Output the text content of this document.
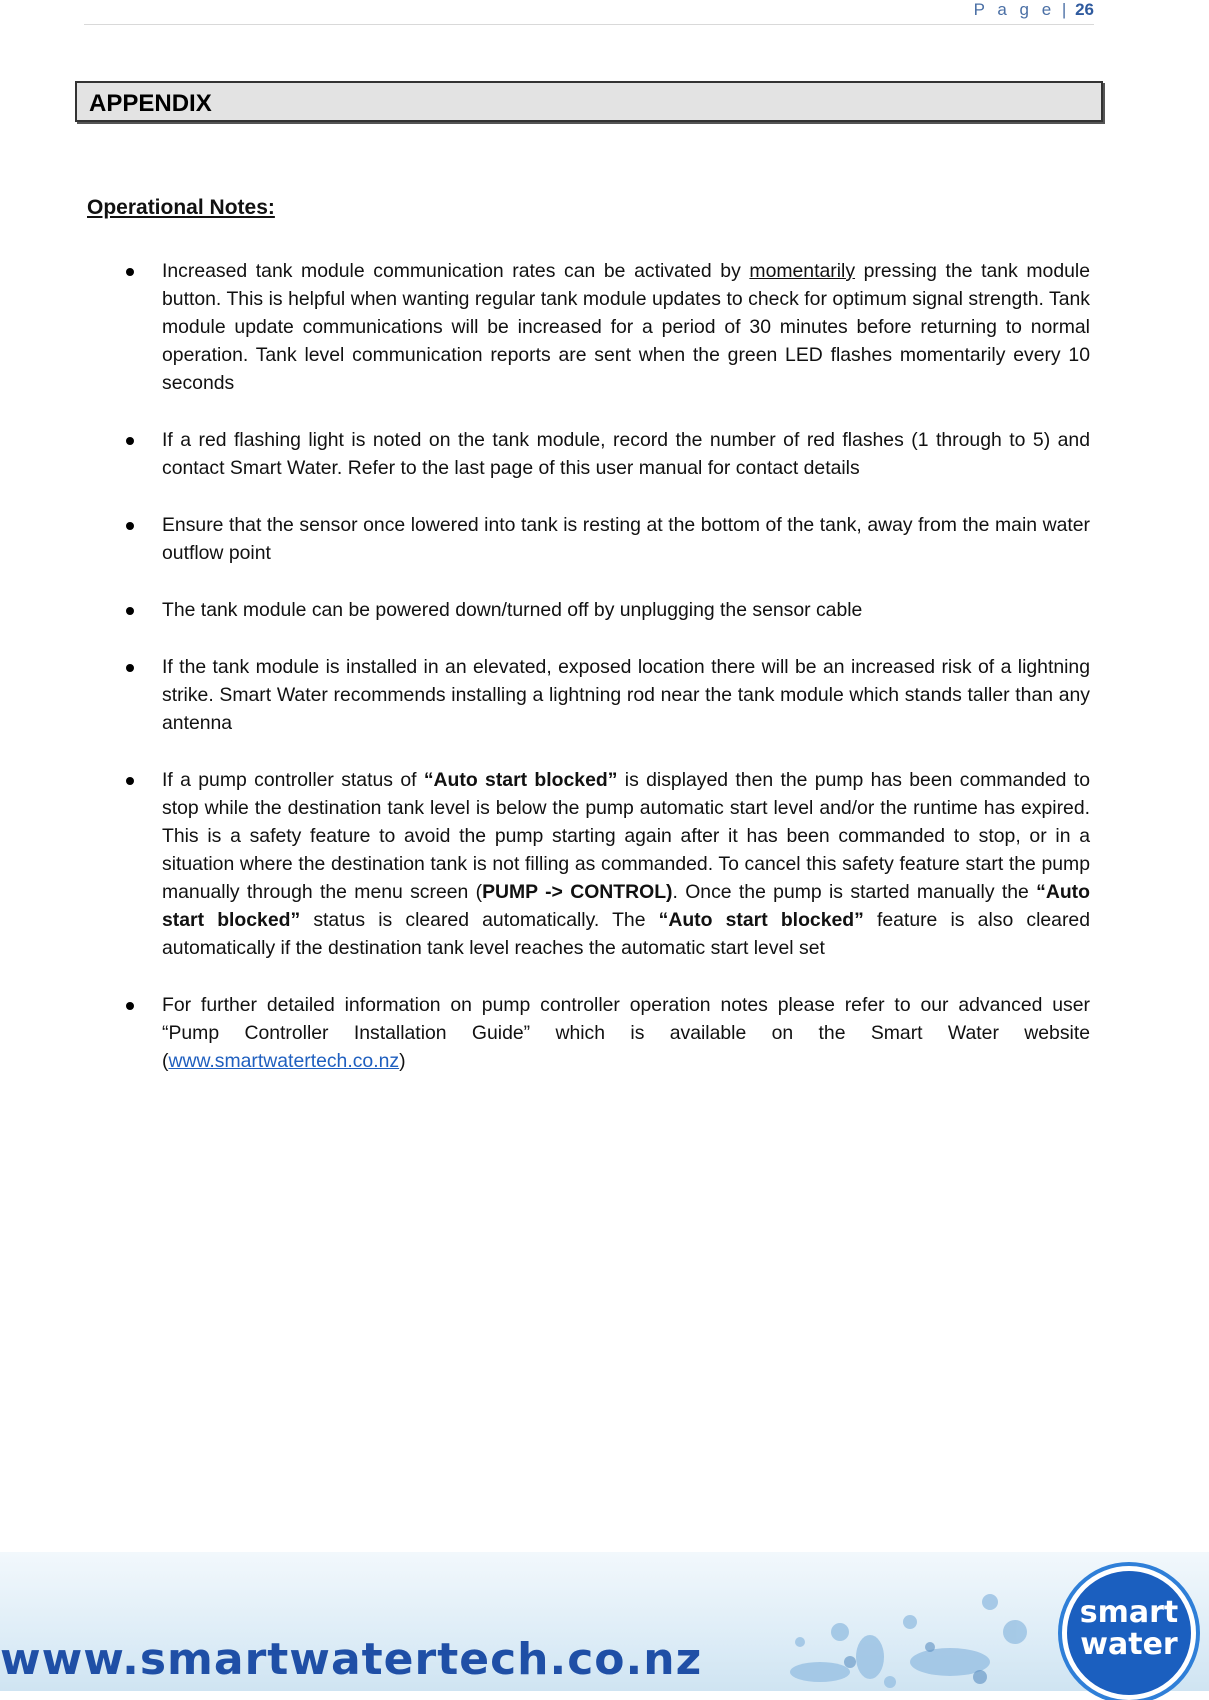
P a g e | 26
APPENDIX
Operational Notes:
Increased tank module communication rates can be activated by momentarily pressing the tank module button. This is helpful when wanting regular tank module updates to check for optimum signal strength. Tank module update communications will be increased for a period of 30 minutes before returning to normal operation. Tank level communication reports are sent when the green LED flashes momentarily every 10 seconds
If a red flashing light is noted on the tank module, record the number of red flashes (1 through to 5) and contact Smart Water. Refer to the last page of this user manual for contact details
Ensure that the sensor once lowered into tank is resting at the bottom of the tank, away from the main water outflow point
The tank module can be powered down/turned off by unplugging the sensor cable
If the tank module is installed in an elevated, exposed location there will be an increased risk of a lightning strike. Smart Water recommends installing a lightning rod near the tank module which stands taller than any antenna
If a pump controller status of “Auto start blocked” is displayed then the pump has been commanded to stop while the destination tank level is below the pump automatic start level and/or the runtime has expired. This is a safety feature to avoid the pump starting again after it has been commanded to stop, or in a situation where the destination tank is not filling as commanded. To cancel this safety feature start the pump manually through the menu screen (PUMP -> CONTROL). Once the pump is started manually the “Auto start blocked” status is cleared automatically. The “Auto start blocked” feature is also cleared automatically if the destination tank level reaches the automatic start level set
For further detailed information on pump controller operation notes please refer to our advanced user “Pump Controller Installation Guide” which is available on the Smart Water website (www.smartwatertech.co.nz)

www.smartwatertech.co.nz

smart
water
